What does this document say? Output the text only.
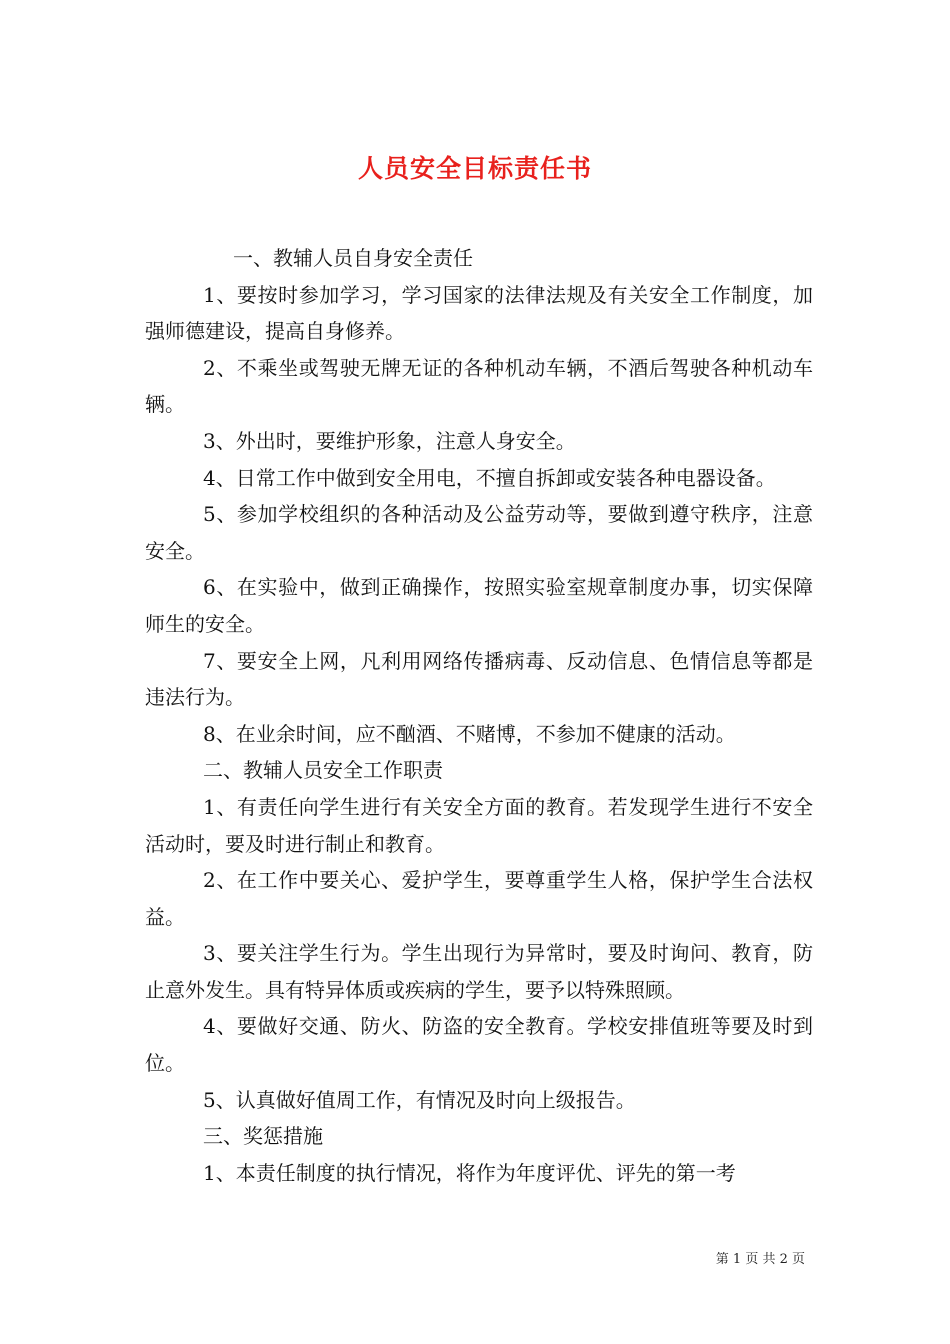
人员安全目标责任书

一、教辅人员自身安全责任

1、要按时参加学习，学习国家的法律法规及有关安全工作制度，加强师德建设，提高自身修养。

2、不乘坐或驾驶无牌无证的各种机动车辆，不酒后驾驶各种机动车辆。

3、外出时，要维护形象，注意人身安全。

4、日常工作中做到安全用电，不擅自拆卸或安装各种电器设备。

5、参加学校组织的各种活动及公益劳动等，要做到遵守秩序，注意安全。

6、在实验中，做到正确操作，按照实验室规章制度办事，切实保障师生的安全。

7、要安全上网，凡利用网络传播病毒、反动信息、色情信息等都是违法行为。

8、在业余时间，应不酗酒、不赌博，不参加不健康的活动。

二、教辅人员安全工作职责

1、有责任向学生进行有关安全方面的教育。若发现学生进行不安全活动时，要及时进行制止和教育。

2、在工作中要关心、爱护学生，要尊重学生人格，保护学生合法权益。

3、要关注学生行为。学生出现行为异常时，要及时询问、教育，防止意外发生。具有特异体质或疾病的学生，要予以特殊照顾。

4、要做好交通、防火、防盗的安全教育。学校安排值班等要及时到位。

5、认真做好值周工作，有情况及时向上级报告。

三、奖惩措施

1、本责任制度的执行情况，将作为年度评优、评先的第一考

第 1 页 共 2 页
